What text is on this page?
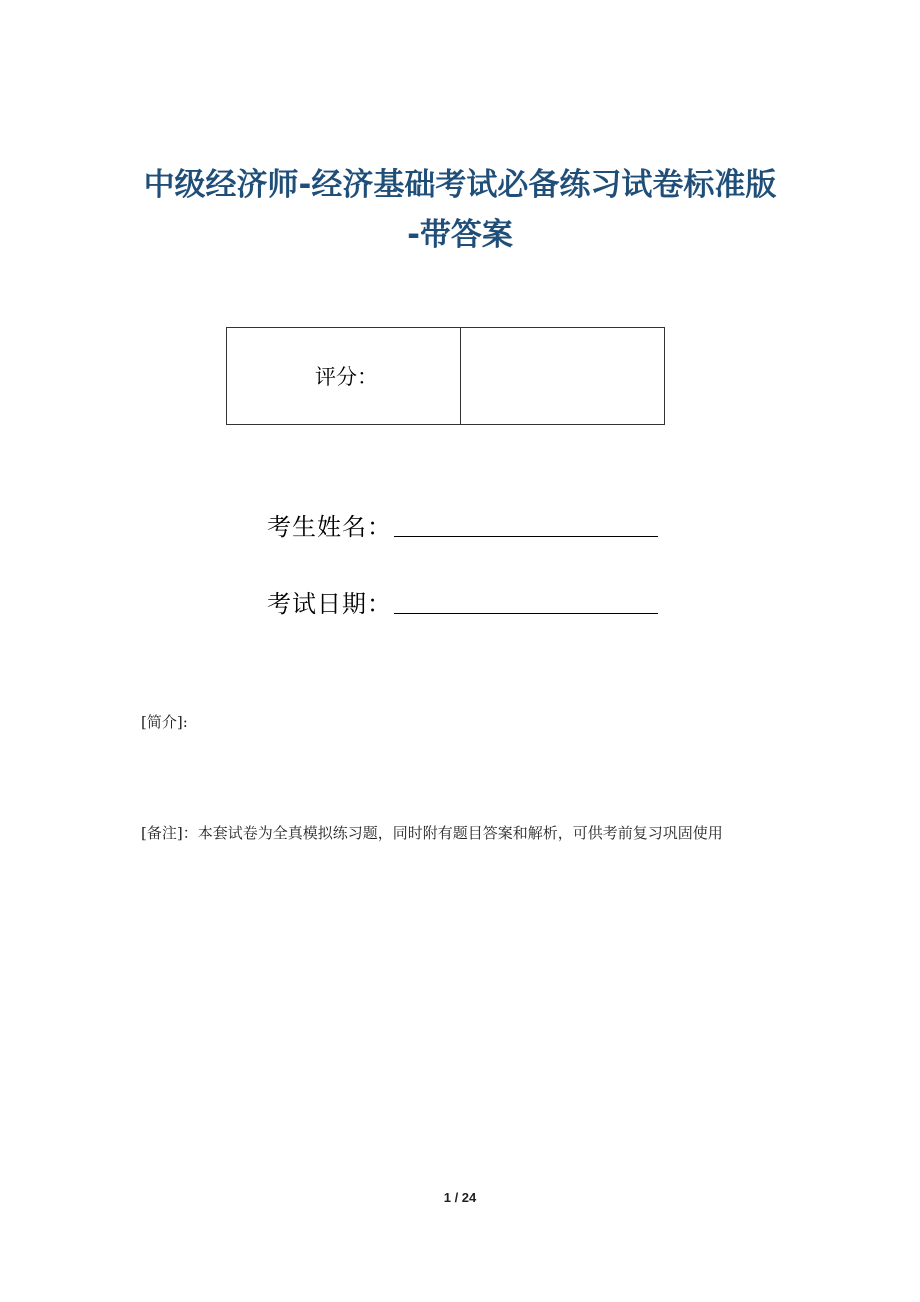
中级经济师-经济基础考试必备练习试卷标准版
-带答案
评分：
考生姓名：
考试日期：
[简介]:
[备注]：本套试卷为全真模拟练习题，同时附有题目答案和解析，可供考前复习巩固使用
1 / 24
